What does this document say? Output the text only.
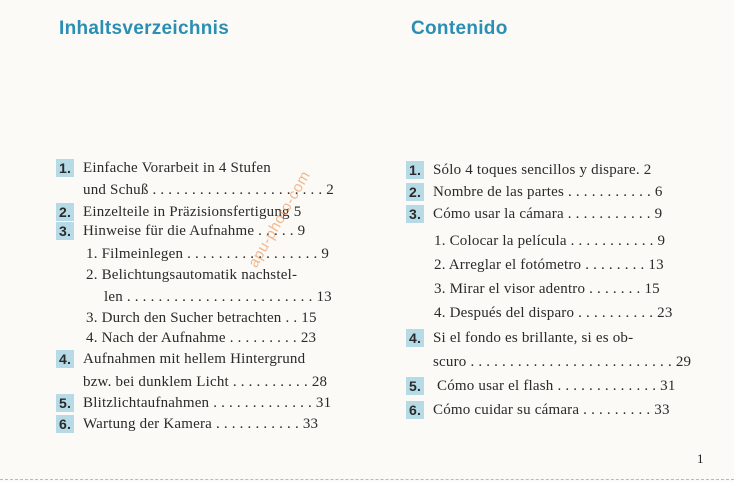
Inhaltsverzeichnis	Contenido
1. Einfache Vorarbeit in 4 Stufen
und Schuß . . . . . . . . . . . . . . . . . . . . . . 2
2. Einzelteile in Präzisionsfertigung 5
3. Hinweise für die Aufnahme . . . . . 9
1. Filmeinlegen . . . . . . . . . . . . . . . . . 9
2. Belichtungsautomatik nachstel-
len . . . . . . . . . . . . . . . . . . . . . . . . 13
3. Durch den Sucher betrachten . . 15
4. Nach der Aufnahme . . . . . . . . . 23
4. Aufnahmen mit hellem Hintergrund
bzw. bei dunklem Licht . . . . . . . . . . 28
5. Blitzlichtaufnahmen . . . . . . . . . . . . . 31
6. Wartung der Kamera . . . . . . . . . . . 33
1. Sólo 4 toques sencillos y dispare. 2
2. Nombre de las partes . . . . . . . . . . . 6
3. Cómo usar la cámara . . . . . . . . . . . 9
1. Colocar la película . . . . . . . . . . . 9
2. Arreglar el fotómetro . . . . . . . . 13
3. Mirar el visor adentro . . . . . . . 15
4. Después del disparo . . . . . . . . . . 23
4. Si el fondo es brillante, si es ob-
scuro . . . . . . . . . . . . . . . . . . . . . . . . . . 29
5. Cómo usar el flash . . . . . . . . . . . . . 31
6. Cómo cuidar su cámara . . . . . . . . . 33
apu-photo-com
1
